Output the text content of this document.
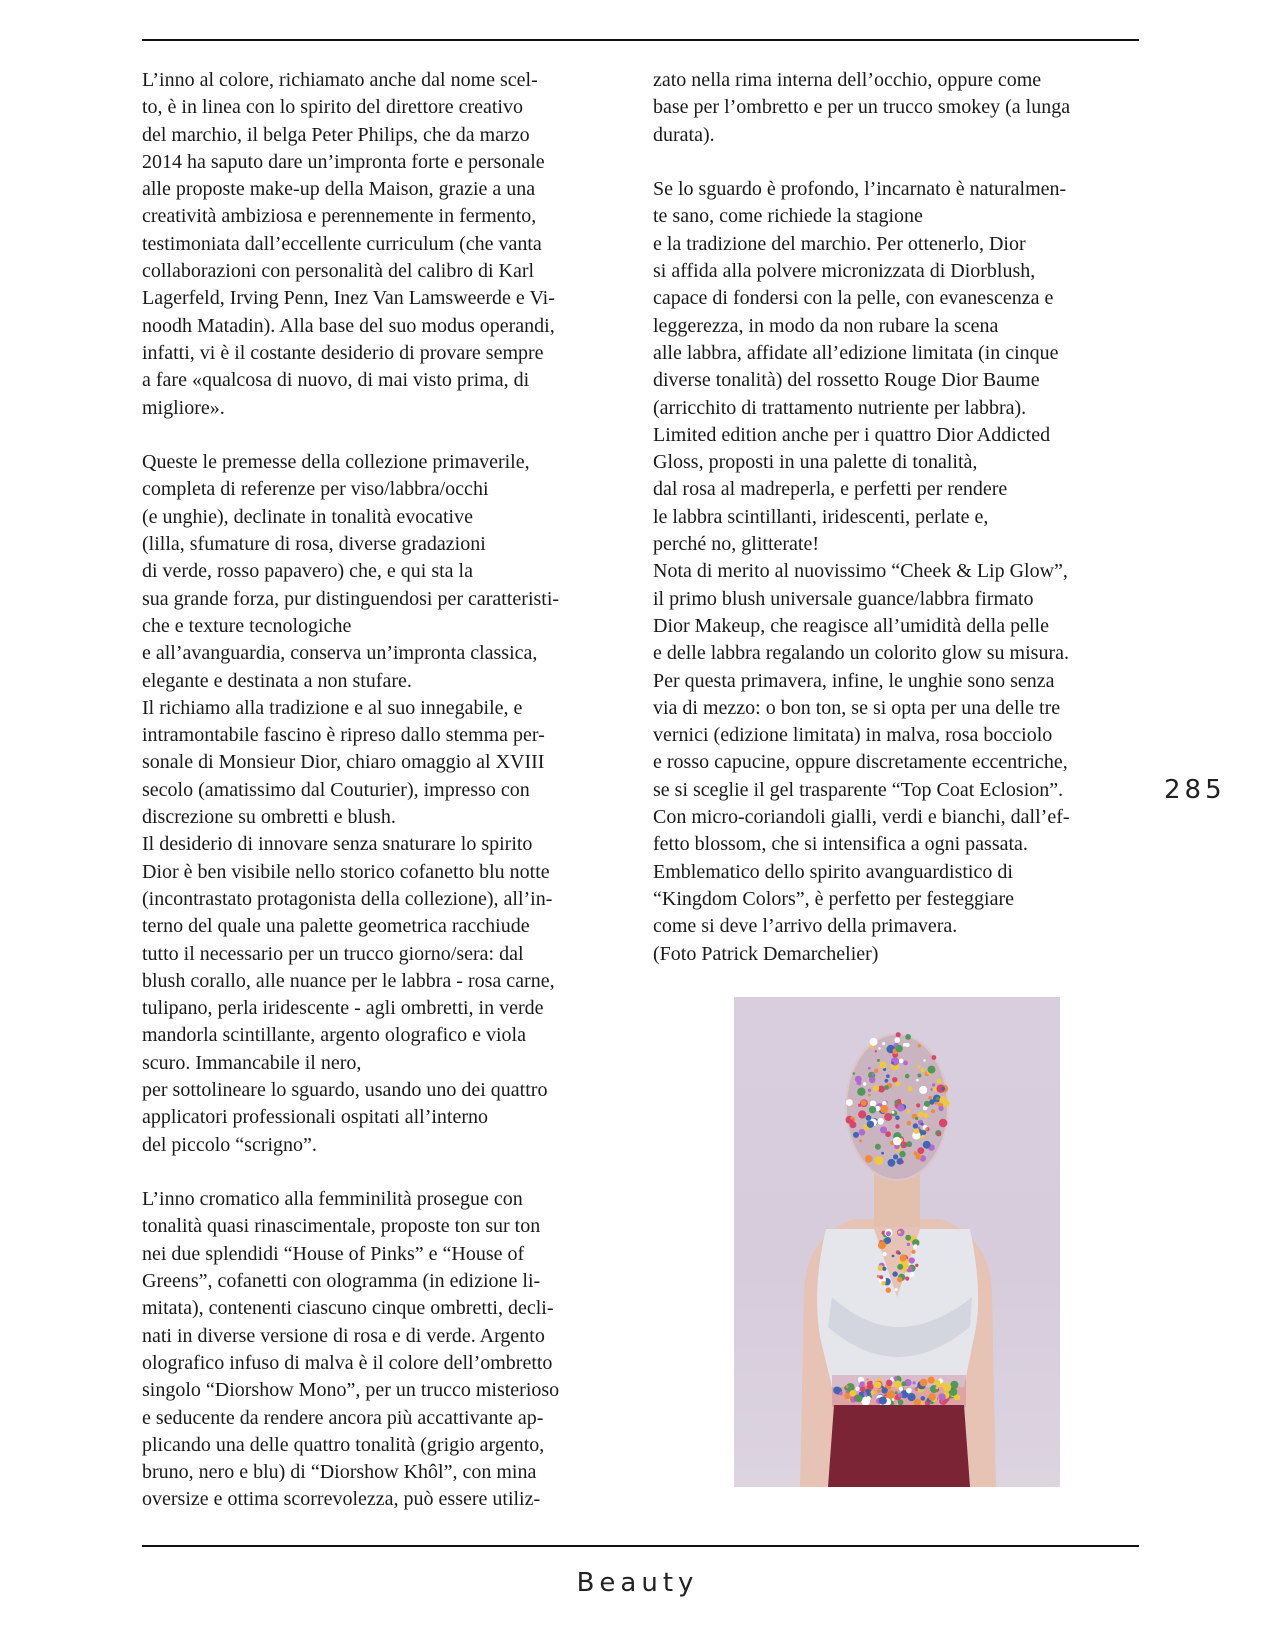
L’inno al colore, richiamato anche dal nome scel-
to, è in linea con lo spirito del direttore creativo
del marchio, il belga Peter Philips, che da marzo
2014 ha saputo dare un’impronta forte e personale
alle proposte make-up della Maison, grazie a una
creatività ambiziosa e perennemente in fermento,
testimoniata dall’eccellente curriculum (che vanta
collaborazioni con personalità del calibro di Karl
Lagerfeld, Irving Penn, Inez Van Lamsweerde e Vi-
noodh Matadin). Alla base del suo modus operandi,
infatti, vi è il costante desiderio di provare sempre
a fare «qualcosa di nuovo, di mai visto prima, di
migliore».
Queste le premesse della collezione primaverile,
completa di referenze per viso/labbra/occhi
(e unghie), declinate in tonalità evocative
(lilla, sfumature di rosa, diverse gradazioni
di verde, rosso papavero) che, e qui sta la
sua grande forza, pur distinguendosi per caratteristi-
che e texture tecnologiche
e all’avanguardia, conserva un’impronta classica,
elegante e destinata a non stufare.
Il richiamo alla tradizione e al suo innegabile, e
intramontabile fascino è ripreso dallo stemma per-
sonale di Monsieur Dior, chiaro omaggio al XVIII
secolo (amatissimo dal Couturier), impresso con
discrezione su ombretti e blush.
Il desiderio di innovare senza snaturare lo spirito
Dior è ben visibile nello storico cofanetto blu notte
(incontrastato protagonista della collezione), all’in-
terno del quale una palette geometrica racchiude
tutto il necessario per un trucco giorno/sera: dal
blush corallo, alle nuance per le labbra - rosa carne,
tulipano, perla iridescente - agli ombretti, in verde
mandorla scintillante, argento olografico e viola
scuro. Immancabile il nero,
per sottolineare lo sguardo, usando uno dei quattro
applicatori professionali ospitati all’interno
del piccolo “scrigno”.
L’inno cromatico alla femminilità prosegue con
tonalità quasi rinascimentale, proposte ton sur ton
nei due splendidi “House of Pinks” e “House of
Greens”, cofanetti con ologramma (in edizione li-
mitata), contenenti ciascuno cinque ombretti, decli-
nati in diverse versione di rosa e di verde. Argento
olografico infuso di malva è il colore dell’ombretto
singolo “Diorshow Mono”, per un trucco misterioso
e seducente da rendere ancora più accattivante ap-
plicando una delle quattro tonalità (grigio argento,
bruno, nero e blu) di “Diorshow Khôl”, con mina
oversize e ottima scorrevolezza, può essere utiliz-
zato nella rima interna dell’occhio, oppure come
base per l’ombretto e per un trucco smokey (a lunga
durata).
Se lo sguardo è profondo, l’incarnato è naturalmen-
te sano, come richiede la stagione
e la tradizione del marchio. Per ottenerlo, Dior
si affida alla polvere micronizzata di Diorblush,
capace di fondersi con la pelle, con evanescenza e
leggerezza, in modo da non rubare la scena
alle labbra, affidate all’edizione limitata (in cinque
diverse tonalità) del rossetto Rouge Dior Baume
(arricchito di trattamento nutriente per labbra).
Limited edition anche per i quattro Dior Addicted
Gloss, proposti in una palette di tonalità,
dal rosa al madreperla, e perfetti per rendere
le labbra scintillanti, iridescenti, perlate e,
perché no, glitterate!
Nota di merito al nuovissimo “Cheek & Lip Glow”,
il primo blush universale guance/labbra firmato
Dior Makeup, che reagisce all’umidità della pelle
e delle labbra regalando un colorito glow su misura.
Per questa primavera, infine, le unghie sono senza
via di mezzo: o bon ton, se si opta per una delle tre
vernici (edizione limitata) in malva, rosa bocciolo
e rosso capucine, oppure discretamente eccentriche,
se si sceglie il gel trasparente “Top Coat Eclosion”.
Con micro-coriandoli gialli, verdi e bianchi, dall’ef-
fetto blossom, che si intensifica a ogni passata.
Emblematico dello spirito avanguardistico di
“Kingdom Colors”, è perfetto per festeggiare
come si deve l’arrivo della primavera.
(Foto Patrick Demarchelier)
285
Beauty
